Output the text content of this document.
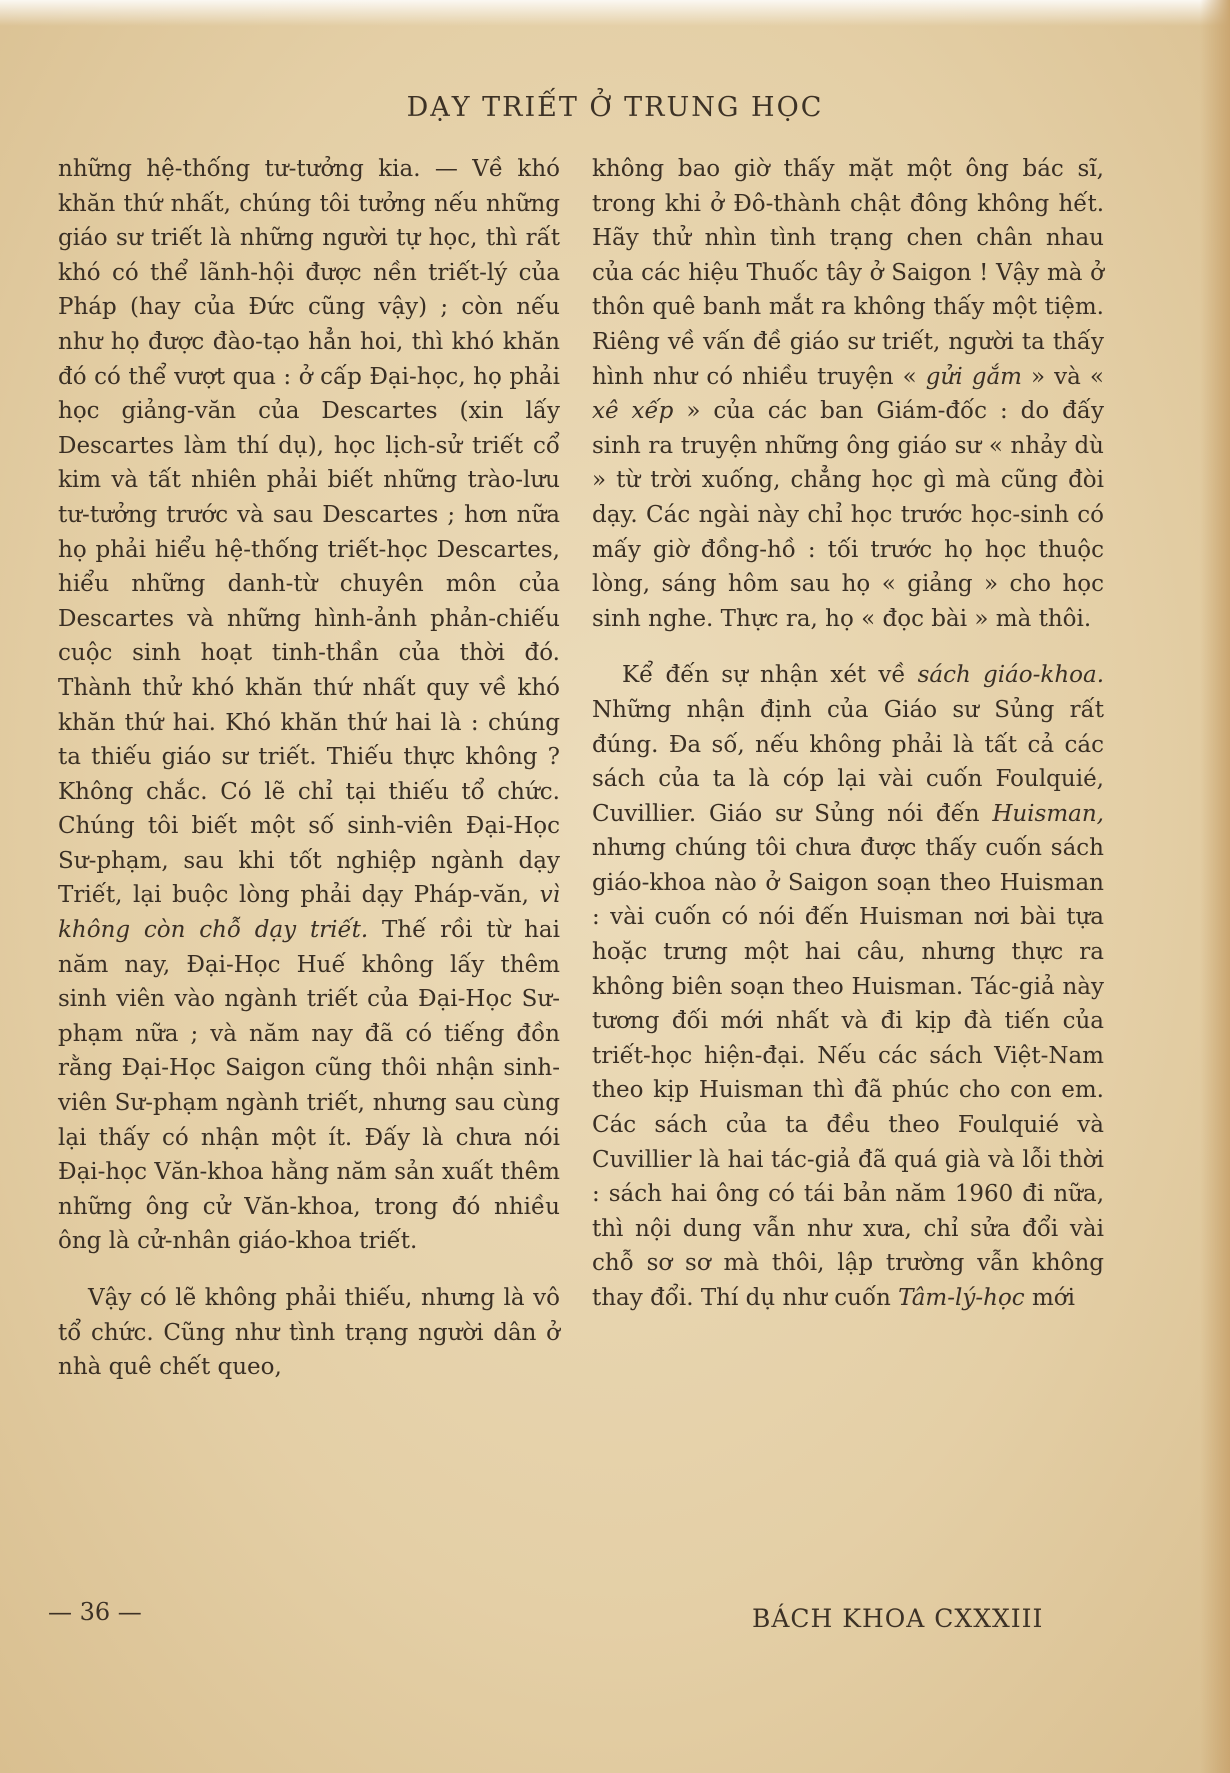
DẠY TRIẾT Ở TRUNG HỌC

những hệ-thống tư-tưởng kia. — Về khó khăn thứ nhất, chúng tôi tưởng nếu những giáo sư triết là những người tự học, thì rất khó có thể lãnh-hội được nền triết-lý của Pháp (hay của Đức cũng vậy) ; còn nếu như họ được đào-tạo hẳn hoi, thì khó khăn đó có thể vượt qua : ở cấp Đại-học, họ phải học giảng-văn của Descartes (xin lấy Descartes làm thí dụ), học lịch-sử triết cổ kim và tất nhiên phải biết những trào-lưu tư-tưởng trước và sau Descartes ; hơn nữa họ phải hiểu hệ-thống triết-học Descartes, hiểu những danh-từ chuyên môn của Descartes và những hình-ảnh phản-chiếu cuộc sinh hoạt tinh-thần của thời đó. Thành thử khó khăn thứ nhất quy về khó khăn thứ hai. Khó khăn thứ hai là : chúng ta thiếu giáo sư triết. Thiếu thực không ? Không chắc. Có lẽ chỉ tại thiếu tổ chức. Chúng tôi biết một số sinh-viên Đại-Học Sư-phạm, sau khi tốt nghiệp ngành dạy Triết, lại buộc lòng phải dạy Pháp-văn, vì không còn chỗ dạy triết. Thế rồi từ hai năm nay, Đại-Học Huế không lấy thêm sinh viên vào ngành triết của Đại-Học Sư-phạm nữa ; và năm nay đã có tiếng đồn rằng Đại-Học Saigon cũng thôi nhận sinh-viên Sư-phạm ngành triết, nhưng sau cùng lại thấy có nhận một ít. Đấy là chưa nói Đại-học Văn-khoa hằng năm sản xuất thêm những ông cử Văn-khoa, trong đó nhiều ông là cử-nhân giáo-khoa triết.

Vậy có lẽ không phải thiếu, nhưng là vô tổ chức. Cũng như tình trạng người dân ở nhà quê chết queo,

không bao giờ thấy mặt một ông bác sĩ, trong khi ở Đô-thành chật đông không hết. Hãy thử nhìn tình trạng chen chân nhau của các hiệu Thuốc tây ở Saigon ! Vậy mà ở thôn quê banh mắt ra không thấy một tiệm. Riêng về vấn đề giáo sư triết, người ta thấy hình như có nhiều truyện « gửi gắm » và « xê xếp » của các ban Giám-đốc : do đấy sinh ra truyện những ông giáo sư « nhảy dù » từ trời xuống, chẳng học gì mà cũng đòi dạy. Các ngài này chỉ học trước học-sinh có mấy giờ đồng-hồ : tối trước họ học thuộc lòng, sáng hôm sau họ « giảng » cho học sinh nghe. Thực ra, họ « đọc bài » mà thôi.

Kể đến sự nhận xét về sách giáo-khoa. Những nhận định của Giáo sư Sủng rất đúng. Đa số, nếu không phải là tất cả các sách của ta là cóp lại vài cuốn Foulquié, Cuvillier. Giáo sư Sủng nói đến Huisman, nhưng chúng tôi chưa được thấy cuốn sách giáo-khoa nào ở Saigon soạn theo Huisman : vài cuốn có nói đến Huisman nơi bài tựa hoặc trưng một hai câu, nhưng thực ra không biên soạn theo Huisman. Tác-giả này tương đối mới nhất và đi kịp đà tiến của triết-học hiện-đại. Nếu các sách Việt-Nam theo kịp Huisman thì đã phúc cho con em. Các sách của ta đều theo Foulquié và Cuvillier là hai tác-giả đã quá già và lỗi thời : sách hai ông có tái bản năm 1960 đi nữa, thì nội dung vẫn như xưa, chỉ sửa đổi vài chỗ sơ sơ mà thôi, lập trường vẫn không thay đổi. Thí dụ như cuốn Tâm-lý-học mới

— 36 —	BÁCH KHOA CXXXIII
